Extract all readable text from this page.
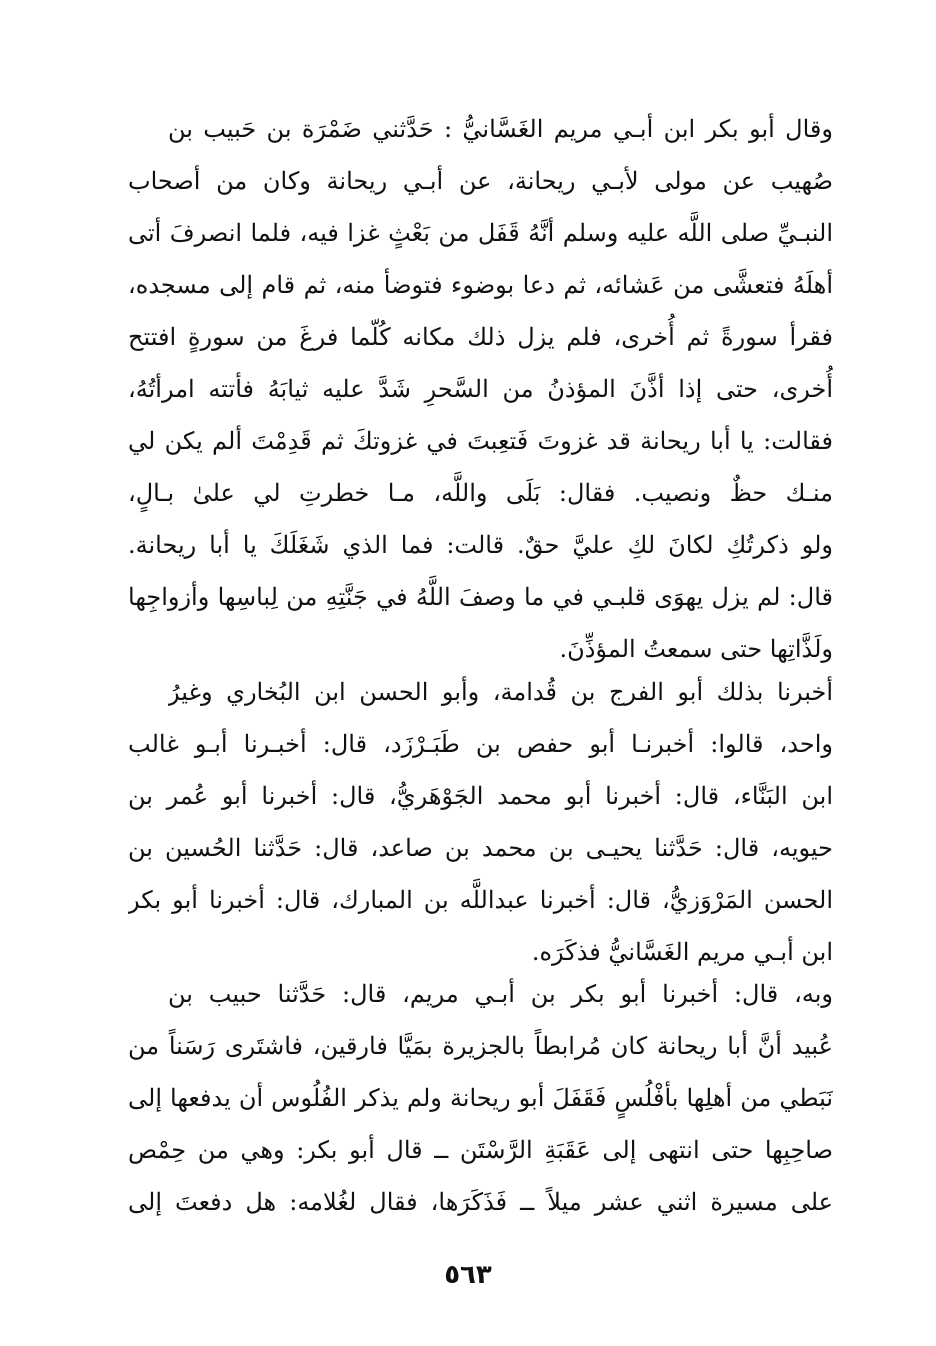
وقال أبو بكر ابن أبـي مريم الغَسَّانيُّ : حَدَّثني ضَمْرَة بن حَبيب بن
صُهيب عن مولى لأبـي ريحانة، عن أبـي ريحانة وكان من أصحاب
النبـيِّ صلى اللَّه عليه وسلم أنَّهُ قَفَل من بَعْثٍ غزا فيه، فلما انصرفَ أتى
أهلَهُ فتعشَّى من عَشائه، ثم دعا بوضوء فتوضأ منه، ثم قام إلى مسجده،
فقرأ سورةً ثم أُخرى، فلم يزل ذلك مكانه كُلّما فرغَ من سورةٍ افتتح
أُخرى، حتى إذا أذَّنَ المؤذنُ من السَّحرِ شَدَّ عليه ثيابَهُ فأتته امرأتُهُ،
فقالت: يا أبا ريحانة قد غزوتَ فَتعِبتَ في غزوتكَ ثم قَدِمْتَ ألم يكن لي
منـك حظٌ ونصيب. فقال: بَلَى واللَّه، مـا خطرتِ لي علىٰ بـالٍ،
ولو ذكرتُكِ لكانَ لكِ عليَّ حقٌ. قالت: فما الذي شَغَلَكَ يا أبا ريحانة.
قال: لم يزل يهوَى قلبـي في ما وصفَ اللَّهُ في جَنَّتِهِ من لِباسِها وأزواجِها
ولَذَّاتِها حتى سمعتُ المؤذِّنَ.
أخبرنا بذلك أبو الفرج بن قُدامة، وأبو الحسن ابن البُخاري وغيرُ
واحد، قالوا: أخبرنـا أبو حفص بن طَبَـرْزَد، قال: أخبـرنا أبـو غالب
ابن البَنَّاء، قال: أخبرنا أبو محمد الجَوْهَريُّ، قال: أخبرنا أبو عُمر بن
حيويه، قال: حَدَّثنا يحيـى بن محمد بن صاعد، قال: حَدَّثنا الحُسين بن
الحسن المَرْوَزيُّ، قال: أخبرنا عبداللَّه بن المبارك، قال: أخبرنا أبو بكر
ابن أبـي مريم الغَسَّانيُّ فذكَرَه.
وبه، قال: أخبرنا أبو بكر بن أبـي مريم، قال: حَدَّثنا حبيب بن
عُبيد أنَّ أبا ريحانة كان مُرابطاً بالجزيرة بمَيَّا فارقين، فاشتَرى رَسَناً من
نَبَطي من أهلِها بأفْلُسٍ فَقَفَلَ أبو ريحانة ولم يذكر الفُلُوس أن يدفعها إلى
صاحِبِها حتى انتهى إلى عَقَبَةِ الرَّسْتَن ــ قال أبو بكر: وهي من حِمْص
على مسيرة اثني عشر ميلاً ــ فَذَكَرَها، فقال لغُلامه: هل دفعتَ إلى
٥٦٣
